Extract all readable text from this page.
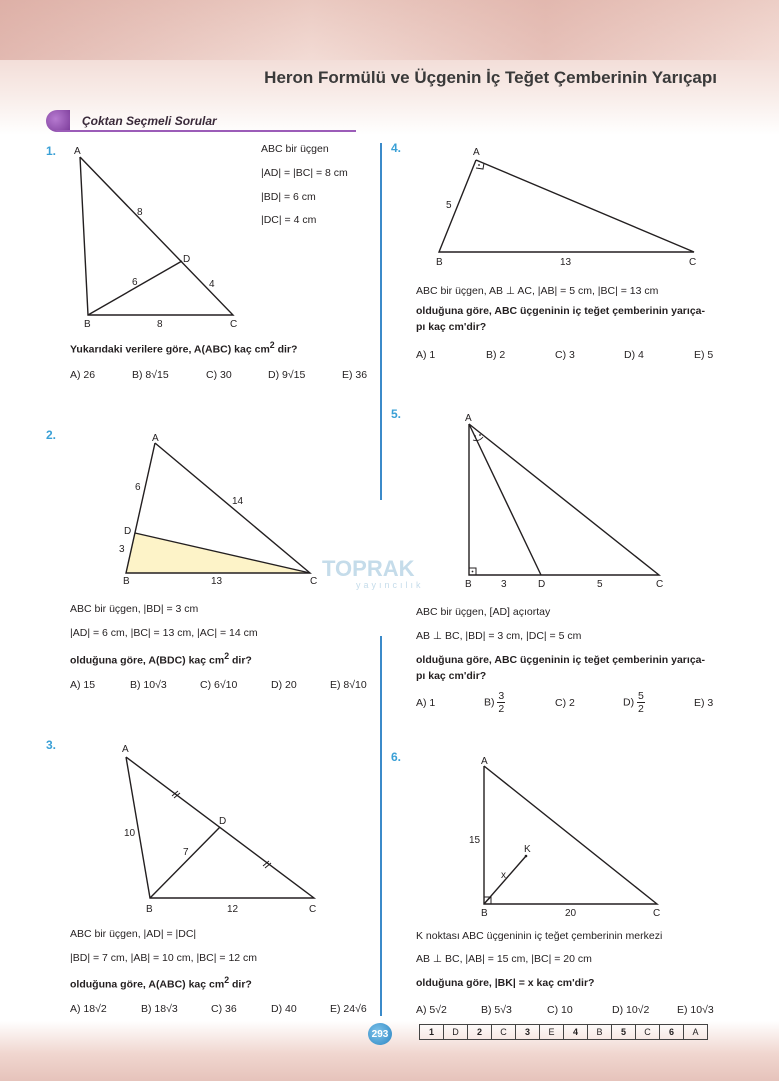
Heron Formülü ve Üçgenin İç Teğet Çemberinin Yarıçapı
Çoktan Seçmeli Sorular
TOPRAK
yayıncılık
1. A
B	C
D
8
6	4
8
ABC bir üçgen
|AD| = |BC| = 8 cm
|BD| = 6 cm
|DC| = 4 cm
Yukarıdaki verilere göre, A(ABC) kaç $cm^2$ dir?
A) 26	B) 8√15	C) 30	D) 9√15	E) 36
2.	A
B	C
D
6
14
3
13
ABC bir üçgen, |BD| = 3 cm
|AD| = 6 cm, |BC| = 13 cm, |AC| = 14 cm
olduğuna göre, A(BDC) kaç $cm^2$ dir?
A) 15	B) 10√3	C) 6√10	D) 20	E) 8√10
3.	A
B	C
D
10
7
12
ABC bir üçgen, |AD| = |DC|
|BD| = 7 cm, |AB| = 10 cm, |BC| = 12 cm
olduğuna göre, A(ABC) kaç $cm^2$ dir?
A) 18√2	B) 18√3	C) 36	D) 40	E) 24√6
4.	A
B	C
5
13
ABC bir üçgen, AB ⊥ AC, |AB| = 5 cm, |BC| = 13 cm
olduğuna göre, ABC üçgeninin iç teğet çemberinin yarıça-
pı kaç cm'dir?
A) 1	B) 2	C) 3	D) 4	E) 5
5.	A
B	C
D
3	5
ABC bir üçgen, [AD] açıortay
AB ⊥ BC, |BD| = 3 cm, |DC| = 5 cm
olduğuna göre, ABC üçgeninin iç teğet çemberinin yarıça-
pı kaç cm'dir?
A) 1	$B) \frac{3}{2}$	C) 2	$D) \frac{5}{2}$	E) 3
6.	A
B	C
K
x
15
20
K noktası ABC üçgeninin iç teğet çemberinin merkezi
AB ⊥ BC, |AB| = 15 cm, |BC| = 20 cm
olduğuna göre, |BK| = x kaç cm'dir?
A) 5√2	B) 5√3	C) 10	D) 10√2	E) 10√3
293	1	D	2	C	3	E	4	B	5	C	6	A
